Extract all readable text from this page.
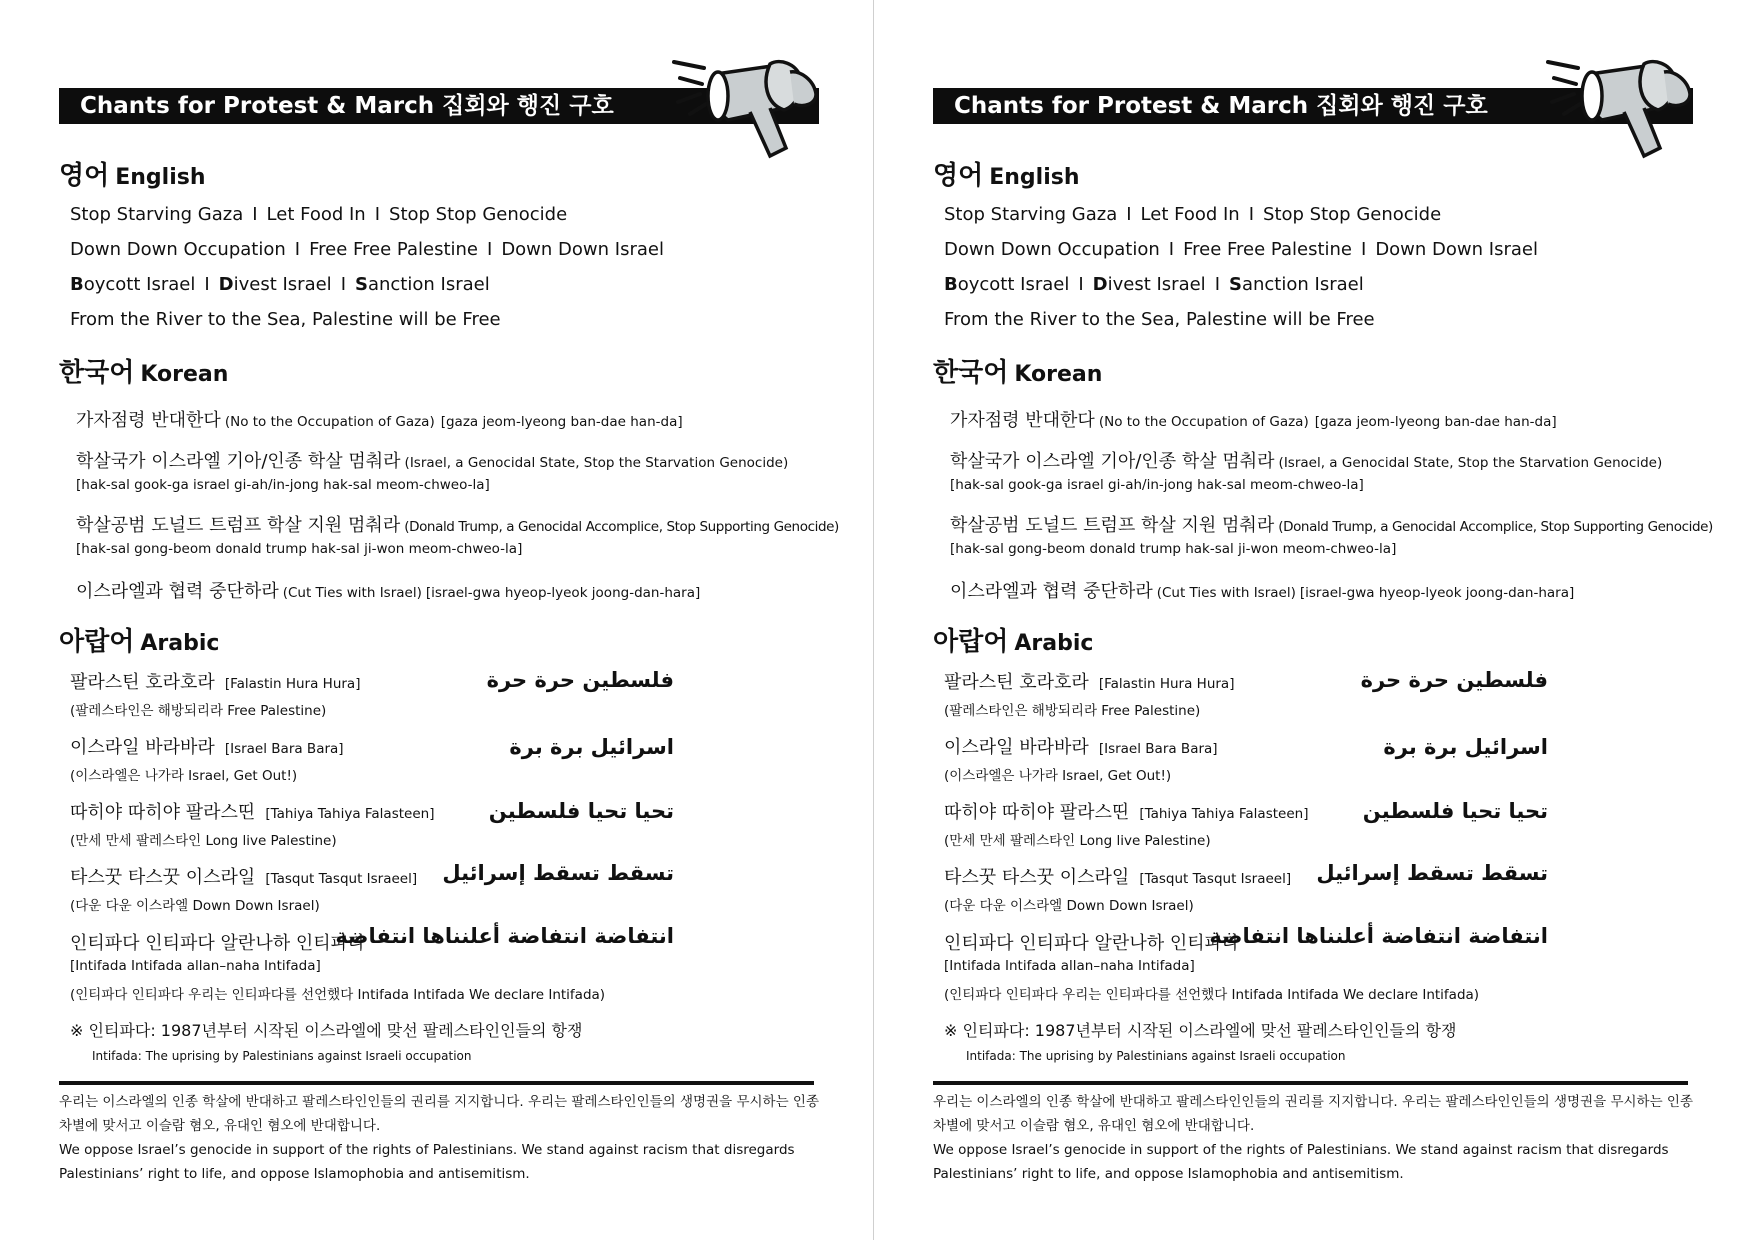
Chants for Protest & March 집회와 행진 구호
영어 English
Stop Starving Gaza I Let Food In I Stop Stop Genocide
Down Down Occupation I Free Free Palestine I Down Down Israel
Boycott Israel I Divest Israel I Sanction Israel
From the River to the Sea, Palestine will be Free
한국어 Korean
가자점령 반대한다 (No to the Occupation of Gaza) [gaza jeom-lyeong ban-dae han-da]
학살국가 이스라엘 기아/인종 학살 멈춰라 (Israel, a Genocidal State, Stop the Starvation Genocide)
[hak-sal gook-ga israel gi-ah/in-jong hak-sal meom-chweo-la]
학살공범 도널드 트럼프 학살 지원 멈춰라 (Donald Trump, a Genocidal Accomplice, Stop Supporting Genocide)
[hak-sal gong-beom donald trump hak-sal ji-won meom-chweo-la]
이스라엘과 협력 중단하라 (Cut Ties with Israel) [israel-gwa hyeop-lyeok joong-dan-hara]
아랍어 Arabic
팔라스틴 호라호라 [Falastin Hura Hura]	فلسطين حرة حرة
(팔레스타인은 해방되리라 Free Palestine)
이스라일 바라바라 [Israel Bara Bara]	اسرائيل برة برة
(이스라엘은 나가라 Israel, Get Out!)
따히야 따히야 팔라스띤 [Tahiya Tahiya Falasteen]	تحيا تحيا فلسطين
(만세 만세 팔레스타인 Long live Palestine)
타스꿋 타스꿋 이스라일 [Tasqut Tasqut Israeel] تسقط تسقط إسرائيل
(다운 다운 이스라엘 Down Down Israel)
인티파다 인티파다 알란나하 인티파다
انتفاضة انتفاضة أعلنناها انتفاضة
[Intifada Intifada allan–naha Intifada]
(인티파다 인티파다 우리는 인티파다를 선언했다 Intifada Intifada We declare Intifada)
※ 인티파다: 1987년부터 시작된 이스라엘에 맞선 팔레스타인인들의 항쟁
Intifada: The uprising by Palestinians against Israeli occupation

우리는 이스라엘의 인종 학살에 반대하고 팔레스타인인들의 권리를 지지합니다. 우리는 팔레스타인인들의 생명권을 무시하는 인종차별에 맞서고 이슬람 혐오, 유대인 혐오에 반대합니다.

We oppose Israel’s genocide in support of the rights of Palestinians. We stand against racism that disregards Palestinians’ right to life, and oppose Islamophobia and antisemitism.

Chants for Protest & March 집회와 행진 구호
영어 English
Stop Starving Gaza I Let Food In I Stop Stop Genocide
Down Down Occupation I Free Free Palestine I Down Down Israel
Boycott Israel I Divest Israel I Sanction Israel
From the River to the Sea, Palestine will be Free
한국어 Korean
가자점령 반대한다 (No to the Occupation of Gaza) [gaza jeom-lyeong ban-dae han-da]
학살국가 이스라엘 기아/인종 학살 멈춰라 (Israel, a Genocidal State, Stop the Starvation Genocide)
[hak-sal gook-ga israel gi-ah/in-jong hak-sal meom-chweo-la]
학살공범 도널드 트럼프 학살 지원 멈춰라 (Donald Trump, a Genocidal Accomplice, Stop Supporting Genocide)
[hak-sal gong-beom donald trump hak-sal ji-won meom-chweo-la]
이스라엘과 협력 중단하라 (Cut Ties with Israel) [israel-gwa hyeop-lyeok joong-dan-hara]
아랍어 Arabic
팔라스틴 호라호라 [Falastin Hura Hura]	فلسطين حرة حرة
(팔레스타인은 해방되리라 Free Palestine)
이스라일 바라바라 [Israel Bara Bara]	اسرائيل برة برة
(이스라엘은 나가라 Israel, Get Out!)
따히야 따히야 팔라스띤 [Tahiya Tahiya Falasteen]	تحيا تحيا فلسطين
(만세 만세 팔레스타인 Long live Palestine)
타스꿋 타스꿋 이스라일 [Tasqut Tasqut Israeel] تسقط تسقط إسرائيل
(다운 다운 이스라엘 Down Down Israel)
인티파다 인티파다 알란나하 인티파다
انتفاضة انتفاضة أعلنناها انتفاضة
[Intifada Intifada allan–naha Intifada]
(인티파다 인티파다 우리는 인티파다를 선언했다 Intifada Intifada We declare Intifada)
※ 인티파다: 1987년부터 시작된 이스라엘에 맞선 팔레스타인인들의 항쟁
Intifada: The uprising by Palestinians against Israeli occupation

우리는 이스라엘의 인종 학살에 반대하고 팔레스타인인들의 권리를 지지합니다. 우리는 팔레스타인인들의 생명권을 무시하는 인종차별에 맞서고 이슬람 혐오, 유대인 혐오에 반대합니다.

We oppose Israel’s genocide in support of the rights of Palestinians. We stand against racism that disregards Palestinians’ right to life, and oppose Islamophobia and antisemitism.
